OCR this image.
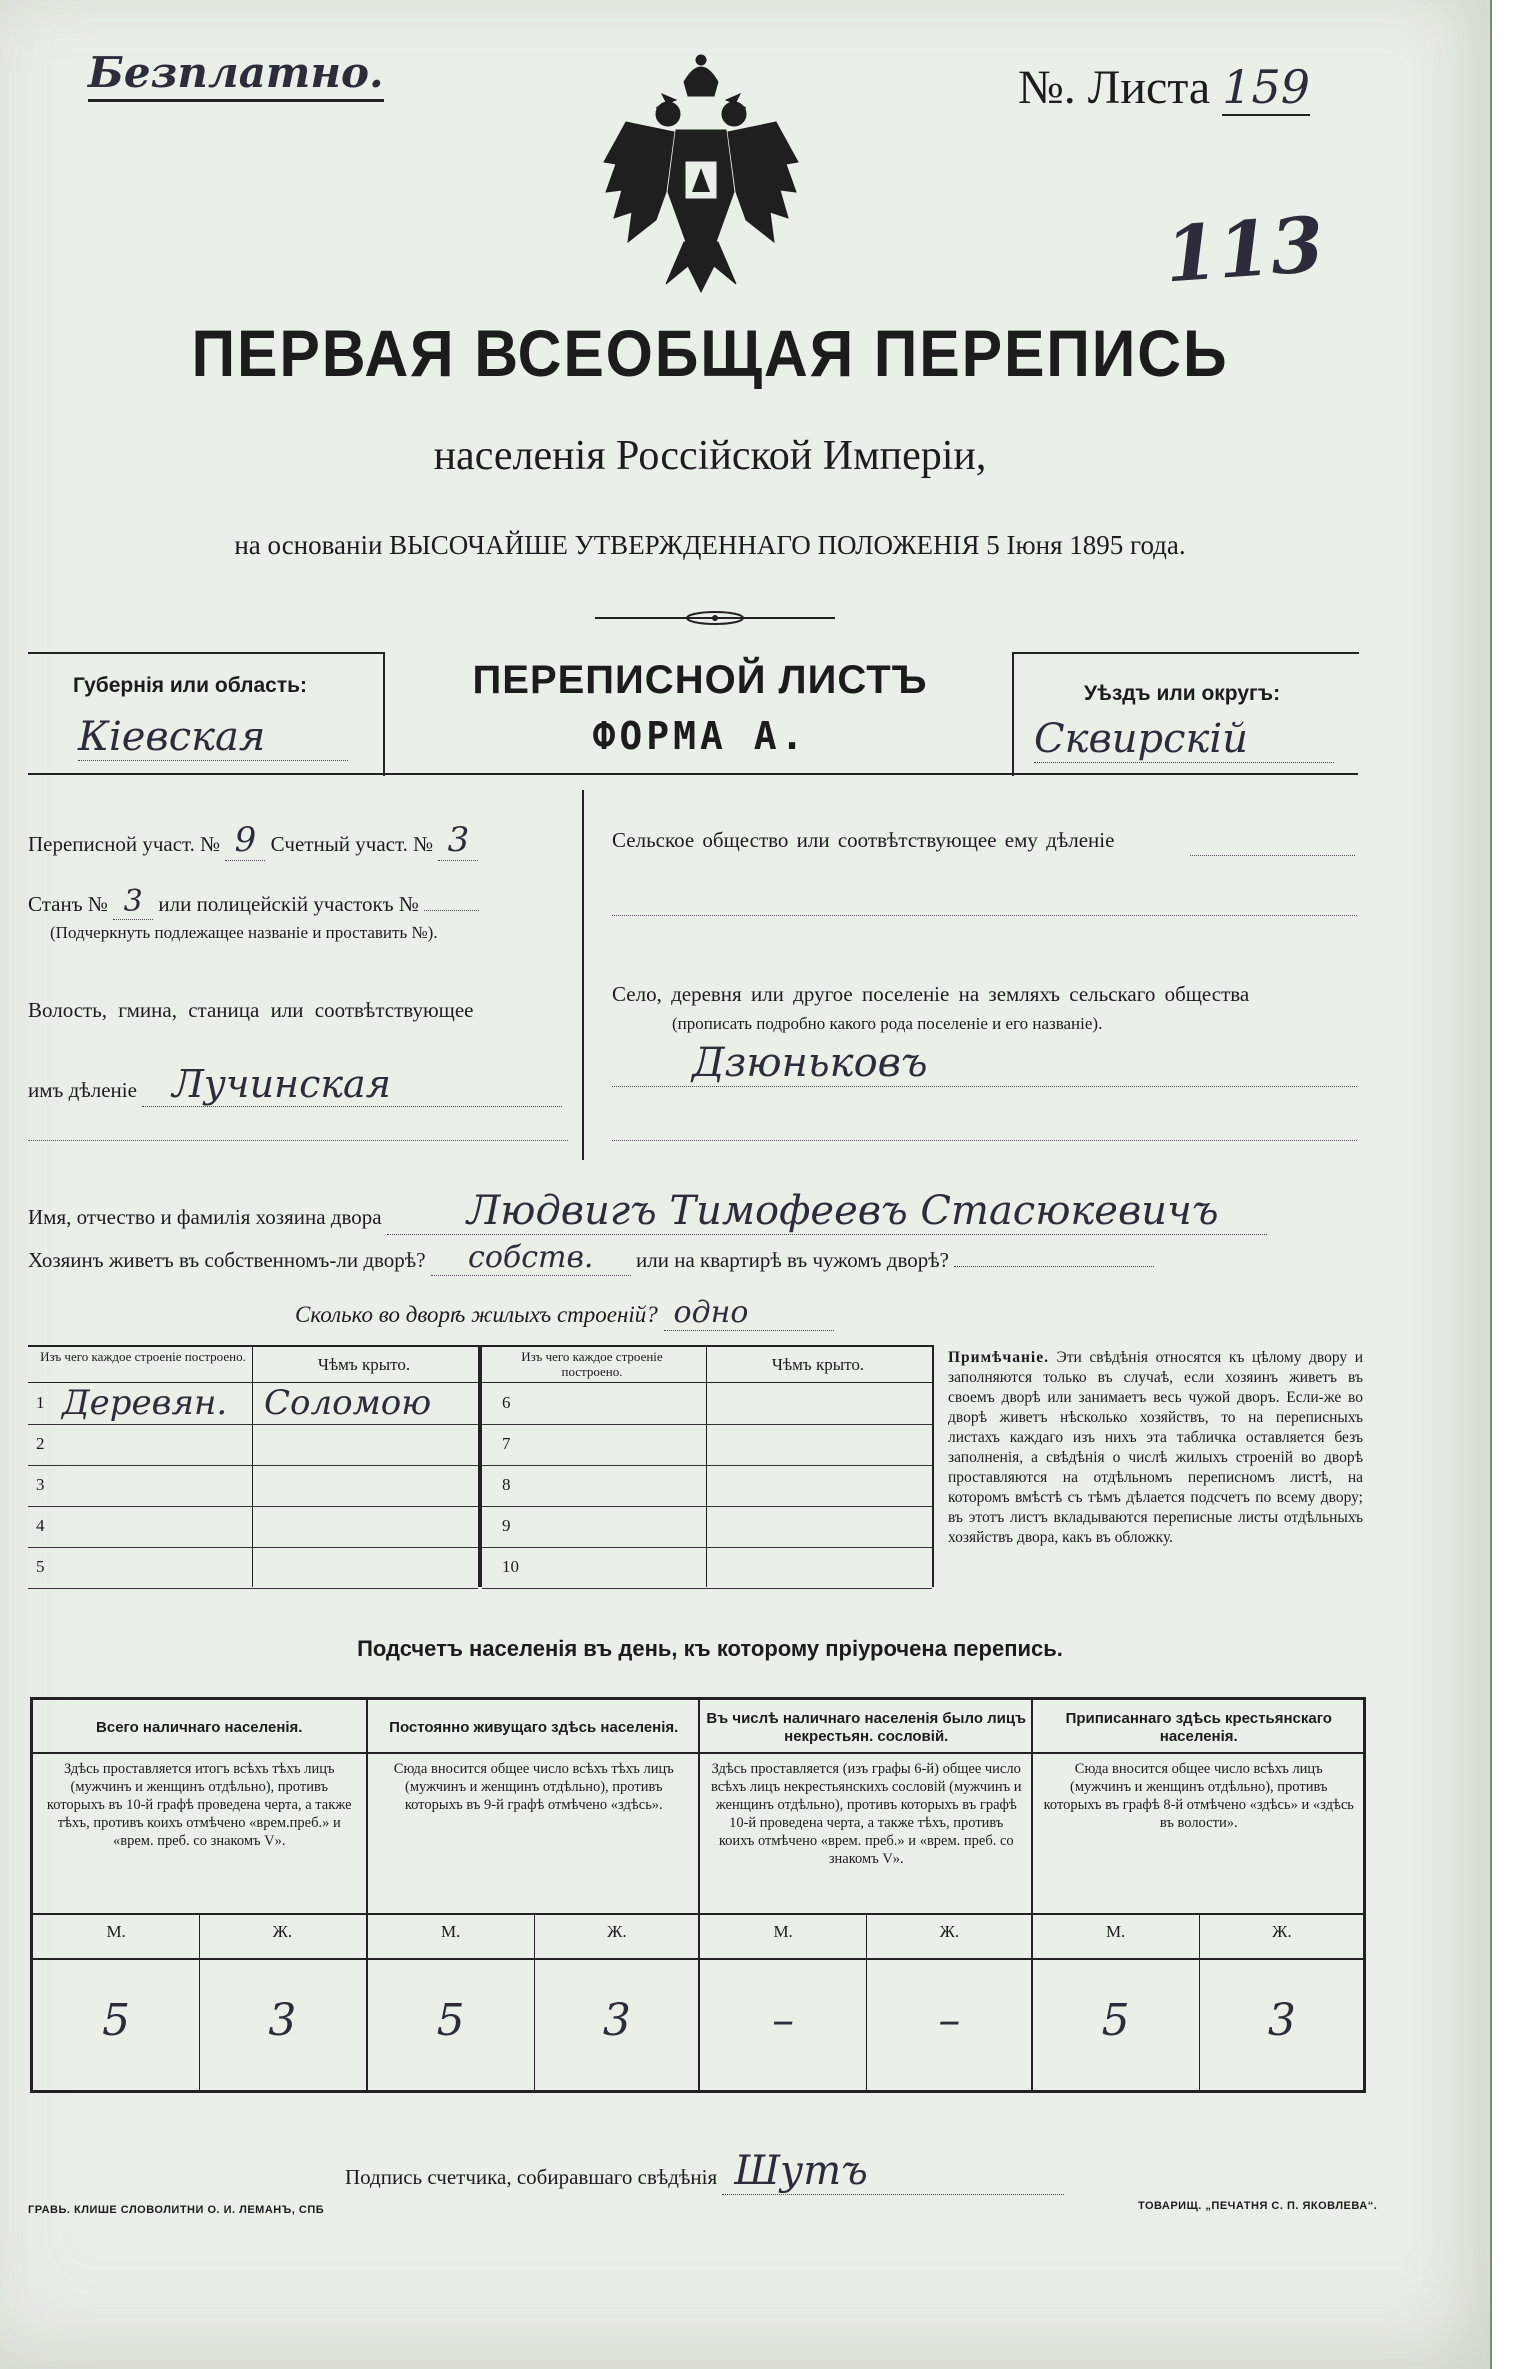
Безплатно.	№. Листа 159
113
ПЕРВАЯ ВСЕОБЩАЯ ПЕРЕПИСЬ
населенія Россійской Имперіи,
на основаніи ВЫСОЧАЙШЕ УТВЕРЖДЕННАГО ПОЛОЖЕНІЯ 5 Іюня 1895 года.
Губернія или область:
Кіевская
ПЕРЕПИСНОЙ ЛИСТЪ
ФОРМА А.
Уѣздъ или округъ:
Сквирскій
Переписной участ. № 9 Счетный участ. № 3
Станъ № 3 или полицейскій участокъ №
(Подчеркнуть подлежащее названіе и проставить №).
Волость, гмина, станица или соотвѣтствующее
имъ дѣленіе Лучинская
Сельское общество или соотвѣтствующее ему дѣленіе
Село, деревня или другое поселеніе на земляхъ сельскаго общества
(прописать подробно какого рода поселеніе и его названіе).
Дзюньковъ
Имя, отчество и фамилія хозяина двора Людвигъ Тимофеевъ Стасюкевичъ
Хозяинъ живетъ въ собственномъ-ли дворѣ? собств. или на квартирѣ въ чужомъ дворѣ?
Сколько во дворѣ жилыхъ строеній? одно
Изъ чего каждое строеніе построено.	Чѣмъ крыто.
1 Деревян. Соломою
2
3
4
5
Изъ чего каждое строеніе построено.	Чѣмъ крыто.
6
7
8
9
10
Примѣчаніе. Эти свѣдѣнія относятся къ цѣлому двору и заполняются только въ случаѣ, если хозяинъ живетъ въ своемъ дворѣ или занимаетъ весь чужой дворъ. Если-же во дворѣ живетъ нѣсколько хозяйствъ, то на переписныхъ листахъ каждаго изъ нихъ эта табличка оставляется безъ заполненія, а свѣдѣнія о числѣ жилыхъ строеній во дворѣ проставляются на отдѣльномъ переписномъ листѣ, на которомъ вмѣстѣ съ тѣмъ дѣлается подсчетъ по всему двору; въ этотъ листъ вкладываются переписные листы отдѣльныхъ хозяйствъ двора, какъ въ обложку.
Подсчетъ населенія въ день, къ которому пріурочена перепись.
Всего наличнаго населенія.
Здѣсь проставляется итогъ всѣхъ тѣхъ лицъ (мужчинъ и женщинъ отдѣльно), противъ которыхъ въ 10-й графѣ проведена черта, а также тѣхъ, противъ коихъ отмѣчено «врем.преб.» и «врем. преб. со знакомъ V».
М.	Ж.
5	3
Постоянно живущаго здѣсь населенія.
Сюда вносится общее число всѣхъ тѣхъ лицъ (мужчинъ и женщинъ отдѣльно), противъ которыхъ въ 9-й графѣ отмѣчено «здѣсь».
М.	Ж.
5	3
Въ числѣ наличнаго населенія было лицъ некрестьян. сословій.
Здѣсь проставляется (изъ графы 6-й) общее число всѣхъ лицъ некрестьянскихъ сословій (мужчинъ и женщинъ отдѣльно), противъ которыхъ въ графѣ 10-й проведена черта, а также тѣхъ, противъ коихъ отмѣчено «врем. преб.» и «врем. преб. со знакомъ V».
М.	Ж.
–	–
Приписаннаго здѣсь крестьянскаго населенія.
Сюда вносится общее число всѣхъ лицъ (мужчинъ и женщинъ отдѣльно), противъ которыхъ въ графѣ 8-й отмѣчено «здѣсь» и «здѣсь въ волости».
М.	Ж.
5	3
Подпись счетчика, собиравшаго свѣдѣнія Шутъ
ГРАВЬ. КЛИШЕ СЛОВОЛИТНИ О. И. ЛЕМАНЪ, СПБ	ТОВАРИЩ. „ПЕЧАТНЯ С. П. ЯКОВЛЕВА“.
